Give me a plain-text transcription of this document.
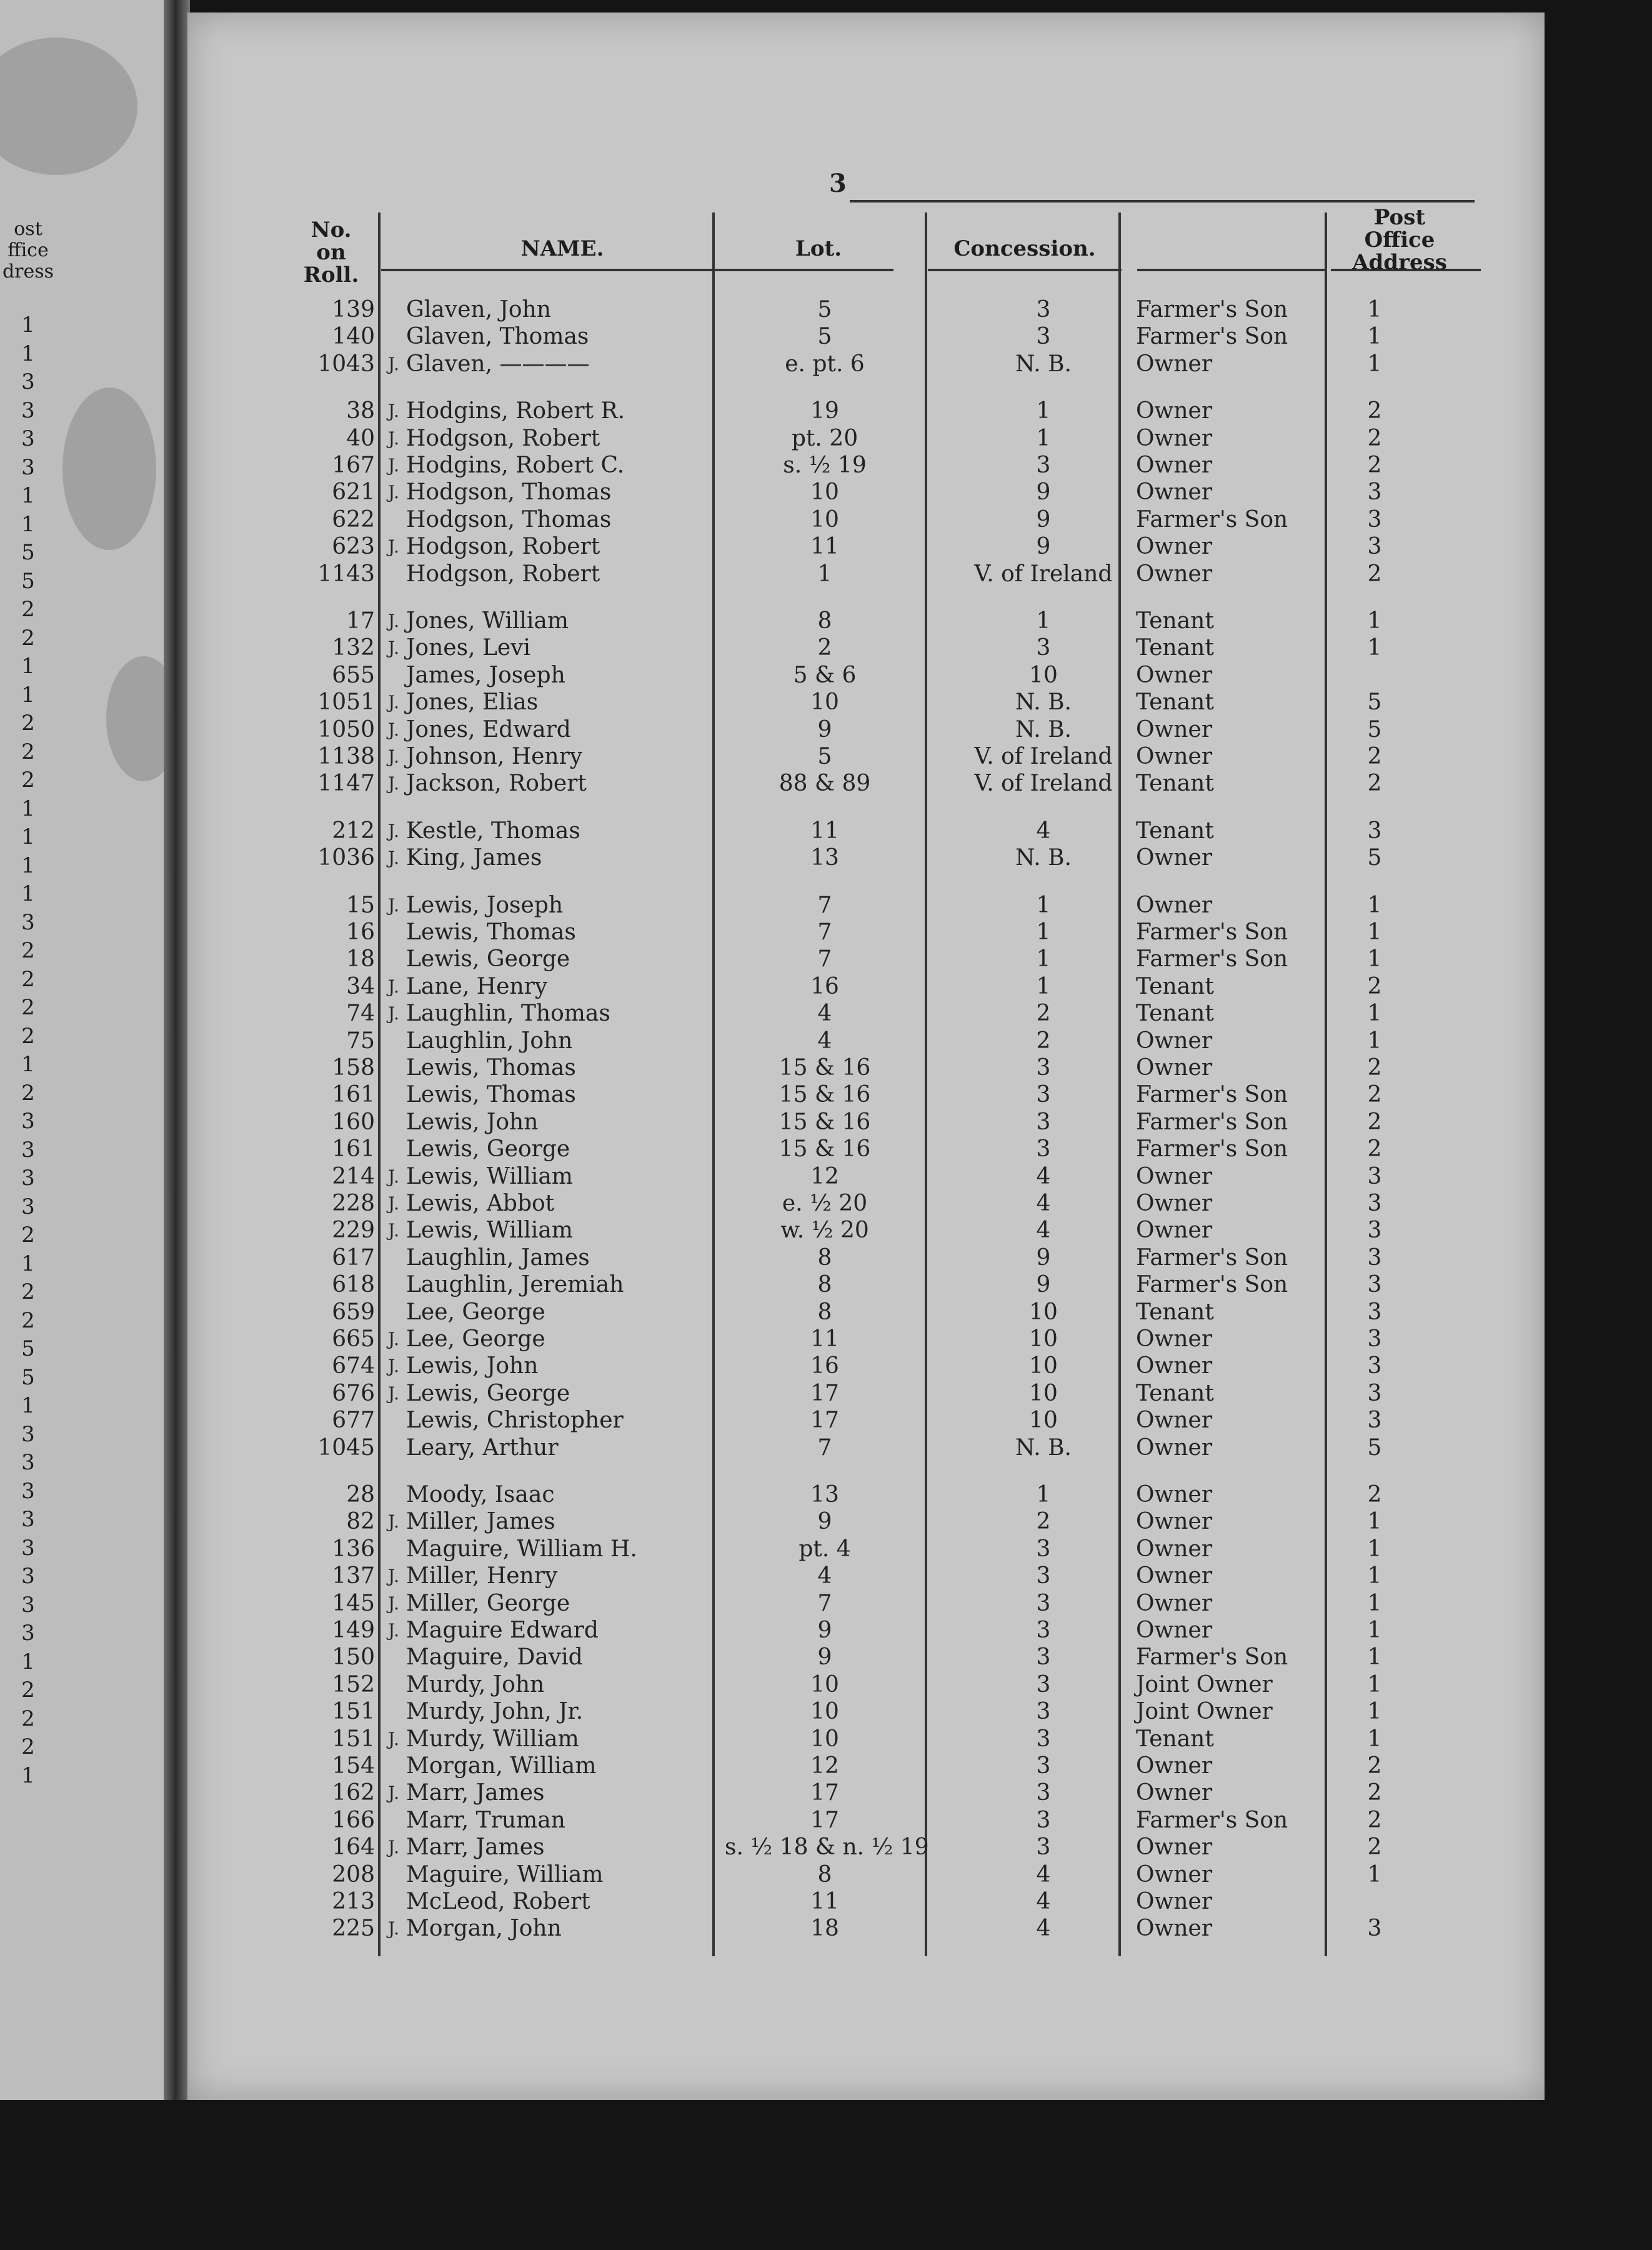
ost
ffice
dress
1
1
3
3
3
3
1
1
5
5
2
2
1
1
2
2
2
1
1
1
1
3
2
2
2
2
1
2
3
3
3
3
2
1
2
2
5
5
1
3
3
3
3
3
3
3
3
1
2
2
2
1
3
No. on
Roll.
NAME.	Lot.	Concession.
Post
Office
Address
139 Glaven, John	5	3	Farmer's Son	1
140 Glaven, Thomas	5	3	Farmer's Son	1
1043 J. Glaven, ————	e. pt. 6	N. B.	Owner	1
38 J. Hodgins, Robert R.	19	1	Owner	2
40 J. Hodgson, Robert	pt. 20	1	Owner	2
167 J. Hodgins, Robert C.	s. ½ 19	3	Owner	2
621 J. Hodgson, Thomas	10	9	Owner	3
622 Hodgson, Thomas	10	9	Farmer's Son	3
623 J. Hodgson, Robert	11	9	Owner	3
1143 Hodgson, Robert	1	V. of Ireland	Owner	2
17 J. Jones, William	8	1	Tenant	1
132 J. Jones, Levi	2	3	Tenant	1
655 James, Joseph	5 & 6	10	Owner
1051 J. Jones, Elias	10	N. B.	Tenant	5
1050 J. Jones, Edward	9	N. B.	Owner	5
1138 J. Johnson, Henry	5	V. of Ireland	Owner	2
1147 J. Jackson, Robert	88 & 89	V. of Ireland	Tenant	2
212 J. Kestle, Thomas	11	4	Tenant	3
1036 J. King, James	13	N. B.	Owner	5
15 J. Lewis, Joseph	7	1	Owner	1
16 Lewis, Thomas	7	1	Farmer's Son	1
18 Lewis, George	7	1	Farmer's Son	1
34 J. Lane, Henry	16	1	Tenant	2
74 J. Laughlin, Thomas	4	2	Tenant	1
75 Laughlin, John	4	2	Owner	1
158 Lewis, Thomas	15 & 16	3	Owner	2
161 Lewis, Thomas	15 & 16	3	Farmer's Son	2
160 Lewis, John	15 & 16	3	Farmer's Son	2
161 Lewis, George	15 & 16	3	Farmer's Son	2
214 J. Lewis, William	12	4	Owner	3
228 J. Lewis, Abbot	e. ½ 20	4	Owner	3
229 J. Lewis, William	w. ½ 20	4	Owner	3
617 Laughlin, James	8	9	Farmer's Son	3
618 Laughlin, Jeremiah	8	9	Farmer's Son	3
659 Lee, George	8	10	Tenant	3
665 J. Lee, George	11	10	Owner	3
674 J. Lewis, John	16	10	Owner	3
676 J. Lewis, George	17	10	Tenant	3
677 Lewis, Christopher	17	10	Owner	3
1045 Leary, Arthur	7	N. B.	Owner	5
28 Moody, Isaac	13	1	Owner	2
82 J. Miller, James	9	2	Owner	1
136 Maguire, William H.	pt. 4	3	Owner	1
137 J. Miller, Henry	4	3	Owner	1
145 J. Miller, George	7	3	Owner	1
149 J. Maguire Edward	9	3	Owner	1
150 Maguire, David	9	3	Farmer's Son	1
152 Murdy, John	10	3	Joint Owner	1
151 Murdy, John, Jr.	10	3	Joint Owner	1
151 J. Murdy, William	10	3	Tenant	1
154 Morgan, William	12	3	Owner	2
162 J. Marr, James	17	3	Owner	2
166 Marr, Truman	17	3	Farmer's Son	2
164 J. Marr, James	s. ½ 18 & n. ½ 19	3	Owner	2
208 Maguire, William	8	4	Owner	1
213 McLeod, Robert	11	4	Owner
225 J. Morgan, John	18	4	Owner	3
